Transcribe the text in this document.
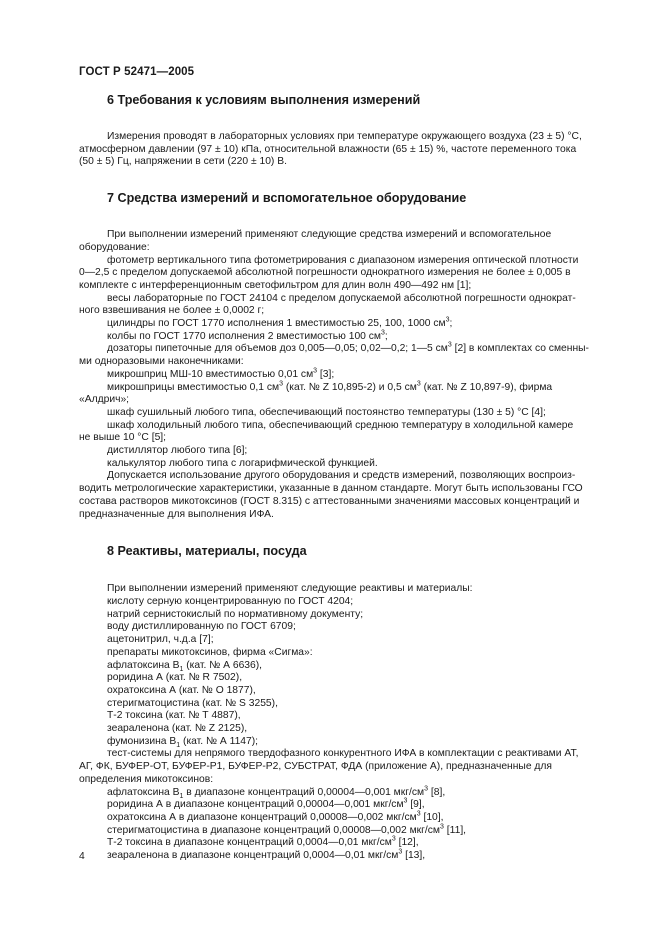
ГОСТ Р 52471—2005
6 Требования к условиям выполнения измерений

Измерения проводят в лабораторных условиях при температуре окружающего воздуха (23 ± 5) °С,
атмосферном давлении (97 ± 10) кПа, относительной влажности (65 ± 15) %, частоте переменного тока
(50 ± 5) Гц, напряжении в сети (220 ± 10) В.

7 Средства измерений и вспомогательное оборудование

При выполнении измерений применяют следующие средства измерений и вспомогательное
оборудование:

фотометр вертикального типа фотометрирования с диапазоном измерения оптической плотности
0—2,5 с пределом допускаемой абсолютной погрешности однократного измерения не более ± 0,005 в
комплекте с интерференционным светофильтром для длин волн 490—492 нм [1];

весы лабораторные по ГОСТ 24104 с пределом допускаемой абсолютной погрешности однократ-
ного взвешивания не более ± 0,0002 г;

цилиндры по ГОСТ 1770 исполнения 1 вместимостью 25, 100, 1000 $см^3$;

колбы по ГОСТ 1770 исполнения 2 вместимостью 100 $см^3$;

дозаторы пипеточные для объемов доз 0,005—0,05; 0,02—0,2; 1—5 $см^3$ [2] в комплектах со сменны-
ми одноразовыми наконечниками:

микрошприц МШ-10 вместимостью 0,01 $см^3$ [3];

микрошприцы вместимостью 0,1 $см^3$ (кат. № Z 10,895-2) и 0,5 $см^3$ (кат. № Z 10,897-9), фирма
«Алдрич»;

шкаф сушильный любого типа, обеспечивающий постоянство температуры (130 ± 5) °С [4];

шкаф холодильный любого типа, обеспечивающий среднюю температуру в холодильной камере
не выше 10 °С [5];

дистиллятор любого типа [6];

калькулятор любого типа с логарифмической функцией.

Допускается использование другого оборудования и средств измерений, позволяющих воспроиз-
водить метрологические характеристики, указанные в данном стандарте. Могут быть использованы ГСО
состава растворов микотоксинов (ГОСТ 8.315) с аттестованными значениями массовых концентраций и
предназначенные для выполнения ИФА.

8 Реактивы, материалы, посуда

При выполнении измерений применяют следующие реактивы и материалы:

кислоту серную концентрированную по ГОСТ 4204;

натрий сернистокислый по нормативному документу;

воду дистиллированную по ГОСТ 6709;

ацетонитрил, ч.д.а [7];

препараты микотоксинов, фирма «Сигма»:

афлатоксина $B_1$ (кат. № А 6636),

роридина А (кат. № R 7502),

охратоксина А (кат. № О 1877),

стеригматоцистина (кат. № S 3255),

Т-2 токсина (кат. № Т 4887),

зеараленона (кат. № Z 2125),

фумонизина $B_1$ (кат. № А 1147);

тест-системы для непрямого твердофазного конкурентного ИФА в комплектации с реактивами АТ,
АГ, ФК, БУФЕР-ОТ, БУФЕР-Р1, БУФЕР-Р2, СУБСТРАТ, ФДА (приложение А), предназначенные для
определения микотоксинов:

афлатоксина $B_1$ в диапазоне концентраций 0,00004—0,001 мкг/$см^3$ [8],

роридина А в диапазоне концентраций 0,00004—0,001 мкг/$см^3$ [9],

охратоксина А в диапазоне концентраций 0,00008—0,002 мкг/$см^3$ [10],

стеригматоцистина в диапазоне концентраций 0,00008—0,002 мкг/$см^3$ [11],

Т-2 токсина в диапазоне концентраций 0,0004—0,01 мкг/$см^3$ [12],

зеараленона в диапазоне концентраций 0,0004—0,01 мкг/$см^3$ [13],

4
